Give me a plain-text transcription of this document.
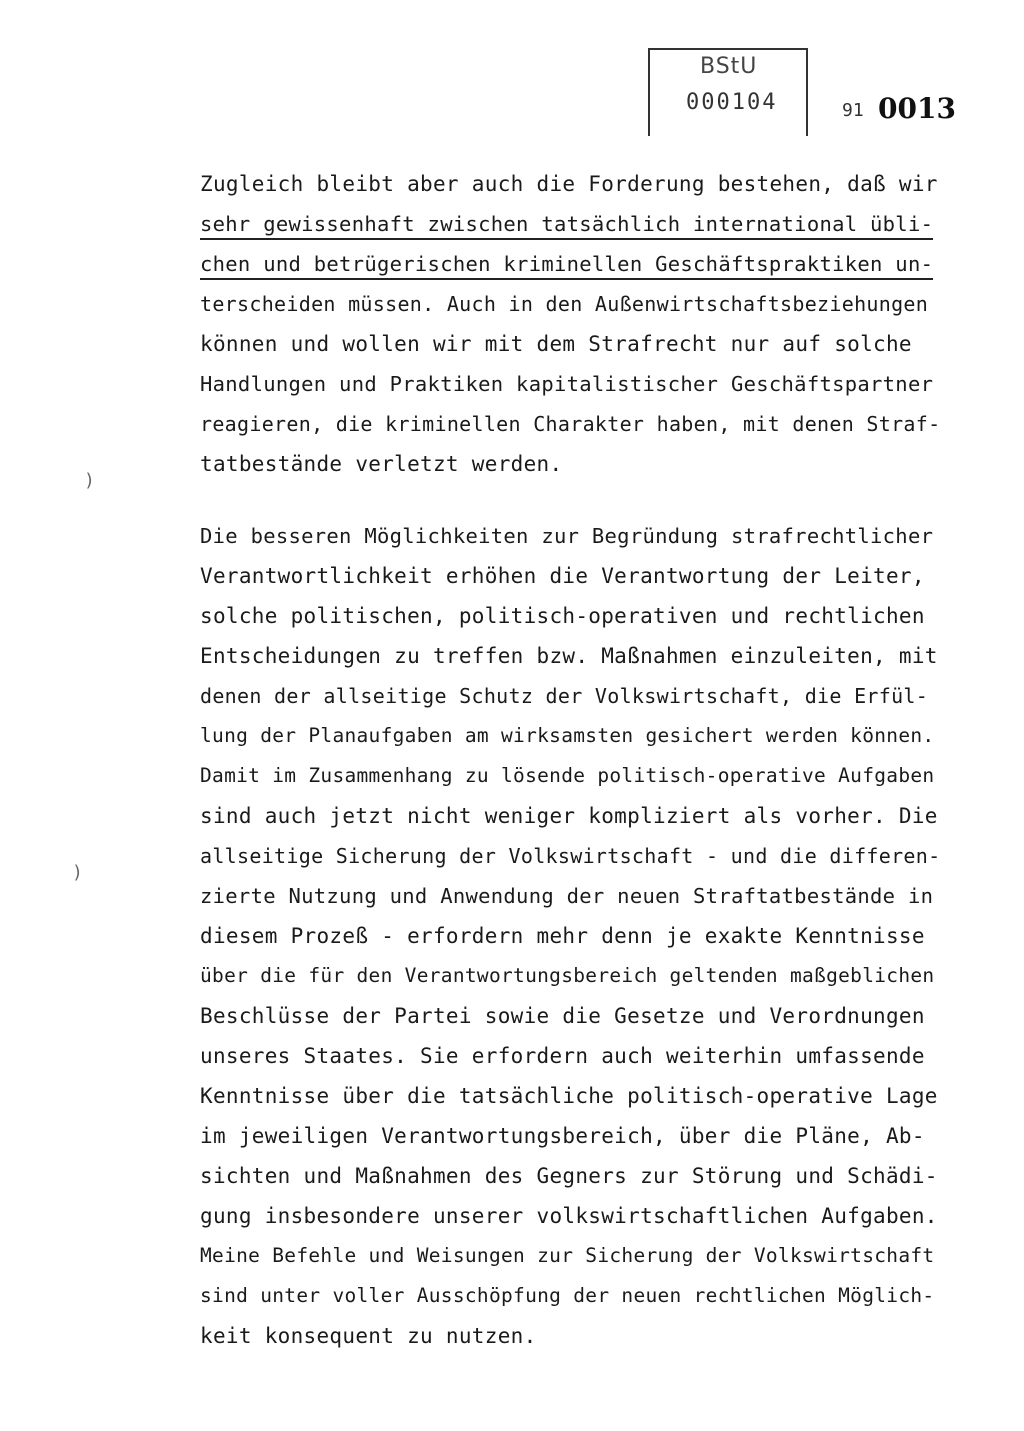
BStU
000104	91 0013
)
)
Zugleich bleibt aber auch die Forderung bestehen, daß wir
sehr gewissenhaft zwischen tatsächlich international übli-
chen und betrügerischen kriminellen Geschäftspraktiken un-
terscheiden müssen. Auch in den Außenwirtschaftsbeziehungen
können und wollen wir mit dem Strafrecht nur auf solche
Handlungen und Praktiken kapitalistischer Geschäftspartner
reagieren, die kriminellen Charakter haben, mit denen Straf-
tatbestände verletzt werden.
Die besseren Möglichkeiten zur Begründung strafrechtlicher
Verantwortlichkeit erhöhen die Verantwortung der Leiter,
solche politischen, politisch-operativen und rechtlichen
Entscheidungen zu treffen bzw. Maßnahmen einzuleiten, mit
denen der allseitige Schutz der Volkswirtschaft, die Erfül-
lung der Planaufgaben am wirksamsten gesichert werden können.
Damit im Zusammenhang zu lösende politisch-operative Aufgaben
sind auch jetzt nicht weniger kompliziert als vorher. Die
allseitige Sicherung der Volkswirtschaft - und die differen-
zierte Nutzung und Anwendung der neuen Straftatbestände in
diesem Prozeß - erfordern mehr denn je exakte Kenntnisse
über die für den Verantwortungsbereich geltenden maßgeblichen
Beschlüsse der Partei sowie die Gesetze und Verordnungen
unseres Staates. Sie erfordern auch weiterhin umfassende
Kenntnisse über die tatsächliche politisch-operative Lage
im jeweiligen Verantwortungsbereich, über die Pläne, Ab-
sichten und Maßnahmen des Gegners zur Störung und Schädi-
gung insbesondere unserer volkswirtschaftlichen Aufgaben.
Meine Befehle und Weisungen zur Sicherung der Volkswirtschaft
sind unter voller Ausschöpfung der neuen rechtlichen Möglich-
keit konsequent zu nutzen.
